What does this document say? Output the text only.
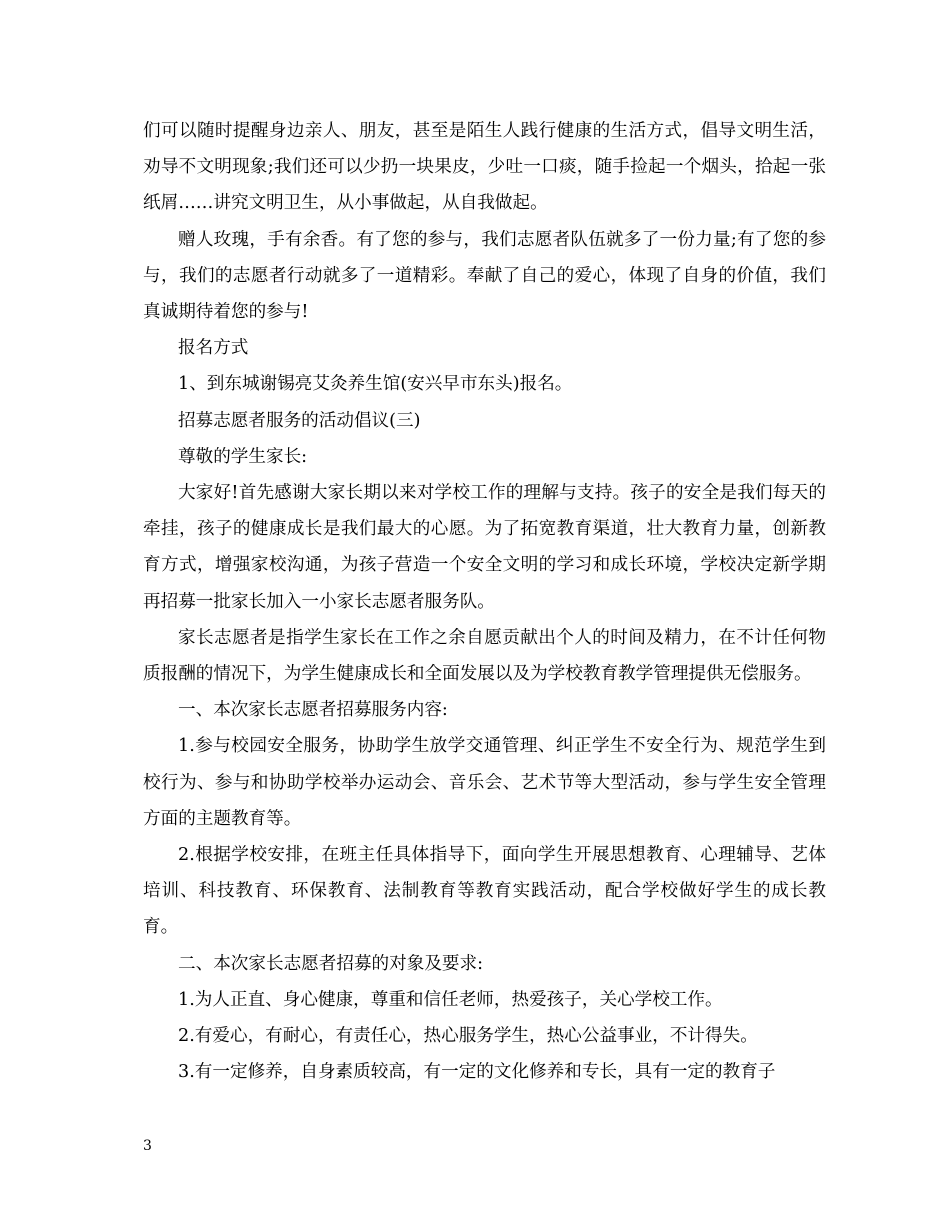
们可以随时提醒身边亲人、朋友，甚至是陌生人践行健康的生活方式，倡导文明生活，劝导不文明现象;我们还可以少扔一块果皮，少吐一口痰，随手捡起一个烟头，拾起一张纸屑……讲究文明卫生，从小事做起，从自我做起。

赠人玫瑰，手有余香。有了您的参与，我们志愿者队伍就多了一份力量;有了您的参与，我们的志愿者行动就多了一道精彩。奉献了自己的爱心，体现了自身的价值，我们真诚期待着您的参与!

报名方式

1、到东城谢锡亮艾灸养生馆(安兴早市东头)报名。

招募志愿者服务的活动倡议(三)

尊敬的学生家长:

大家好!首先感谢大家长期以来对学校工作的理解与支持。孩子的安全是我们每天的牵挂，孩子的健康成长是我们最大的心愿。为了拓宽教育渠道，壮大教育力量，创新教育方式，增强家校沟通，为孩子营造一个安全文明的学习和成长环境，学校决定新学期再招募一批家长加入一小家长志愿者服务队。

家长志愿者是指学生家长在工作之余自愿贡献出个人的时间及精力，在不计任何物质报酬的情况下，为学生健康成长和全面发展以及为学校教育教学管理提供无偿服务。

一、本次家长志愿者招募服务内容:

1.参与校园安全服务，协助学生放学交通管理、纠正学生不安全行为、规范学生到校行为、参与和协助学校举办运动会、音乐会、艺术节等大型活动，参与学生安全管理方面的主题教育等。

2.根据学校安排，在班主任具体指导下，面向学生开展思想教育、心理辅导、艺体培训、科技教育、环保教育、法制教育等教育实践活动，配合学校做好学生的成长教育。

二、本次家长志愿者招募的对象及要求:

1.为人正直、身心健康，尊重和信任老师，热爱孩子，关心学校工作。

2.有爱心，有耐心，有责任心，热心服务学生，热心公益事业，不计得失。

3.有一定修养，自身素质较高，有一定的文化修养和专长，具有一定的教育子

3
